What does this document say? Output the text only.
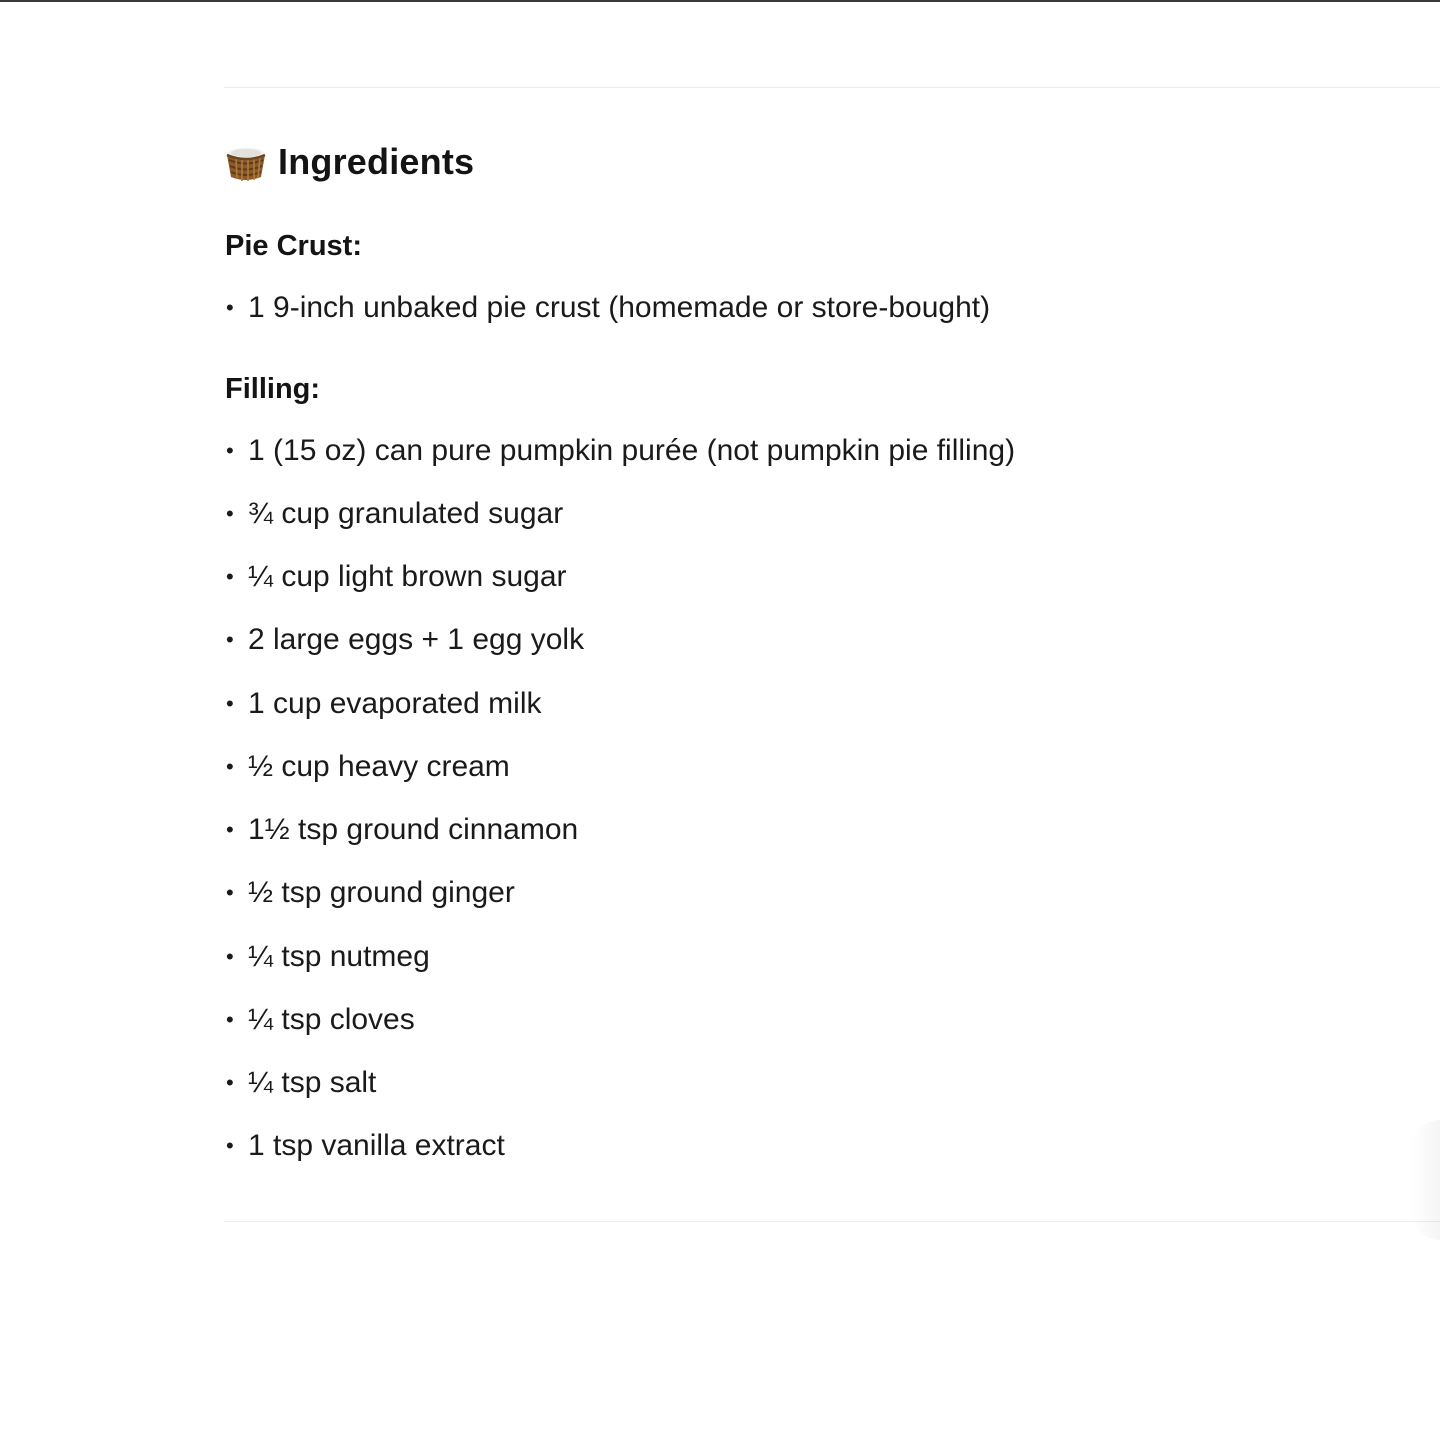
Ingredients
Pie Crust:
• 1 9-inch unbaked pie crust (homemade or store-bought)
Filling:
• 1 (15 oz) can pure pumpkin purée (not pumpkin pie filling)
• ¾ cup granulated sugar
• ¼ cup light brown sugar
• 2 large eggs + 1 egg yolk
• 1 cup evaporated milk
• ½ cup heavy cream
• 1½ tsp ground cinnamon
• ½ tsp ground ginger
• ¼ tsp nutmeg
• ¼ tsp cloves
• ¼ tsp salt
• 1 tsp vanilla extract
